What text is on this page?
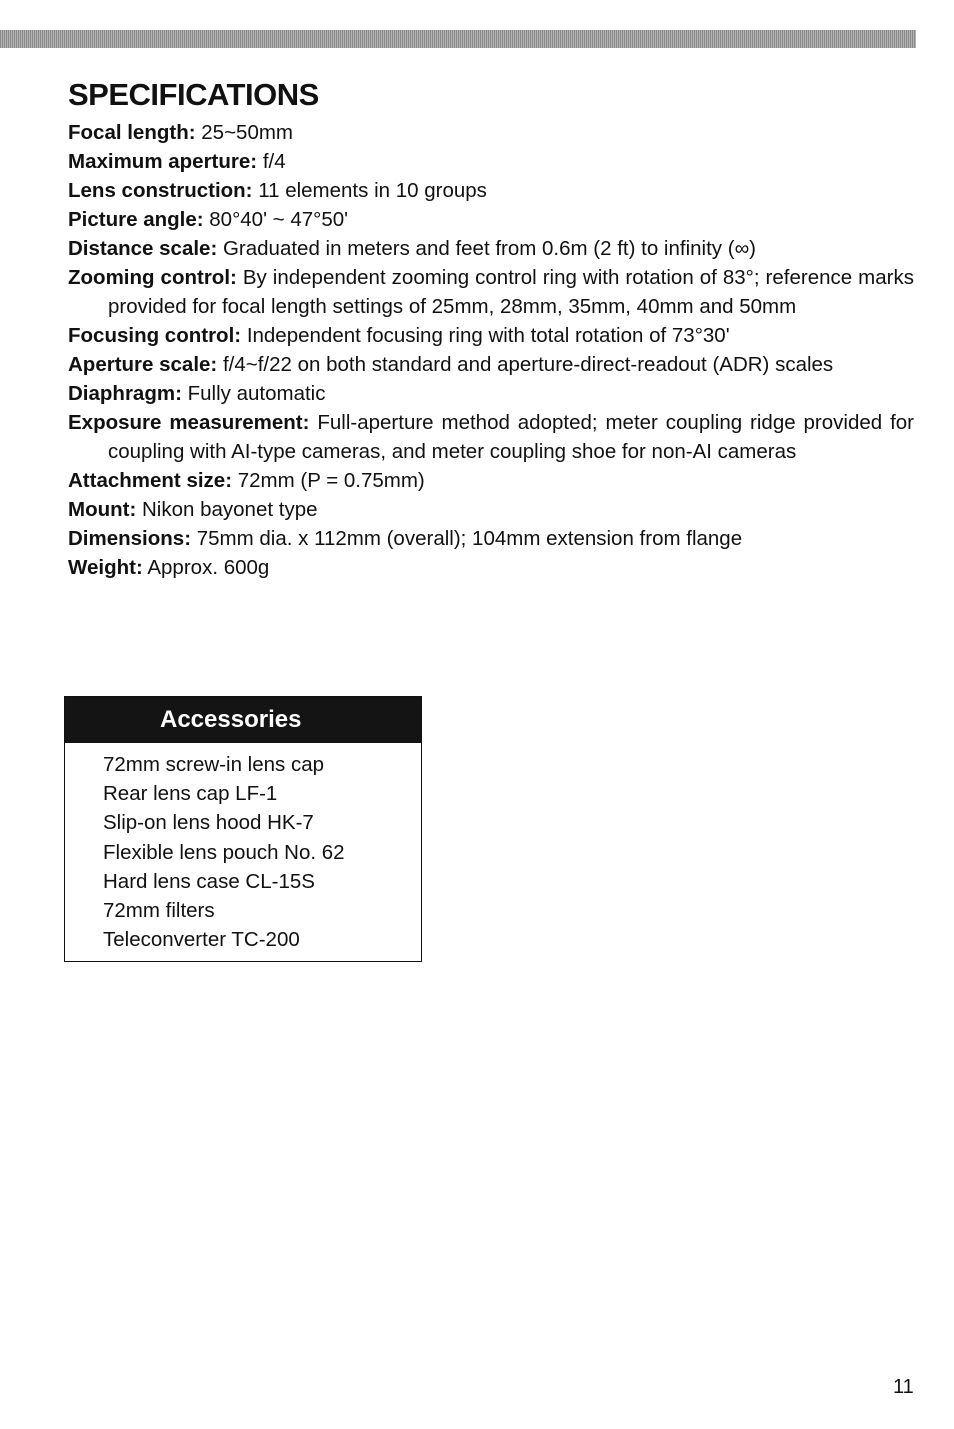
SPECIFICATIONS
Focal length: 25~50mm
Maximum aperture: f/4
Lens construction: 11 elements in 10 groups
Picture angle: 80°40' ~ 47°50'
Distance scale: Graduated in meters and feet from 0.6m (2 ft) to infinity (∞)
Zooming control: By independent zooming control ring with rotation of 83°; reference marks provided for focal length settings of 25mm, 28mm, 35mm, 40mm and 50mm
Focusing control: Independent focusing ring with total rotation of 73°30'
Aperture scale: f/4~f/22 on both standard and aperture-direct-readout (ADR) scales
Diaphragm: Fully automatic
Exposure measurement: Full-aperture method adopted; meter coupling ridge provided for coupling with AI-type cameras, and meter coupling shoe for non-AI cameras
Attachment size: 72mm (P = 0.75mm)
Mount: Nikon bayonet type
Dimensions: 75mm dia. x 112mm (overall); 104mm extension from flange
Weight: Approx. 600g
Accessories
72mm screw-in lens cap
Rear lens cap LF-1
Slip-on lens hood HK-7
Flexible lens pouch No. 62
Hard lens case CL-15S
72mm filters
Teleconverter TC-200
11
